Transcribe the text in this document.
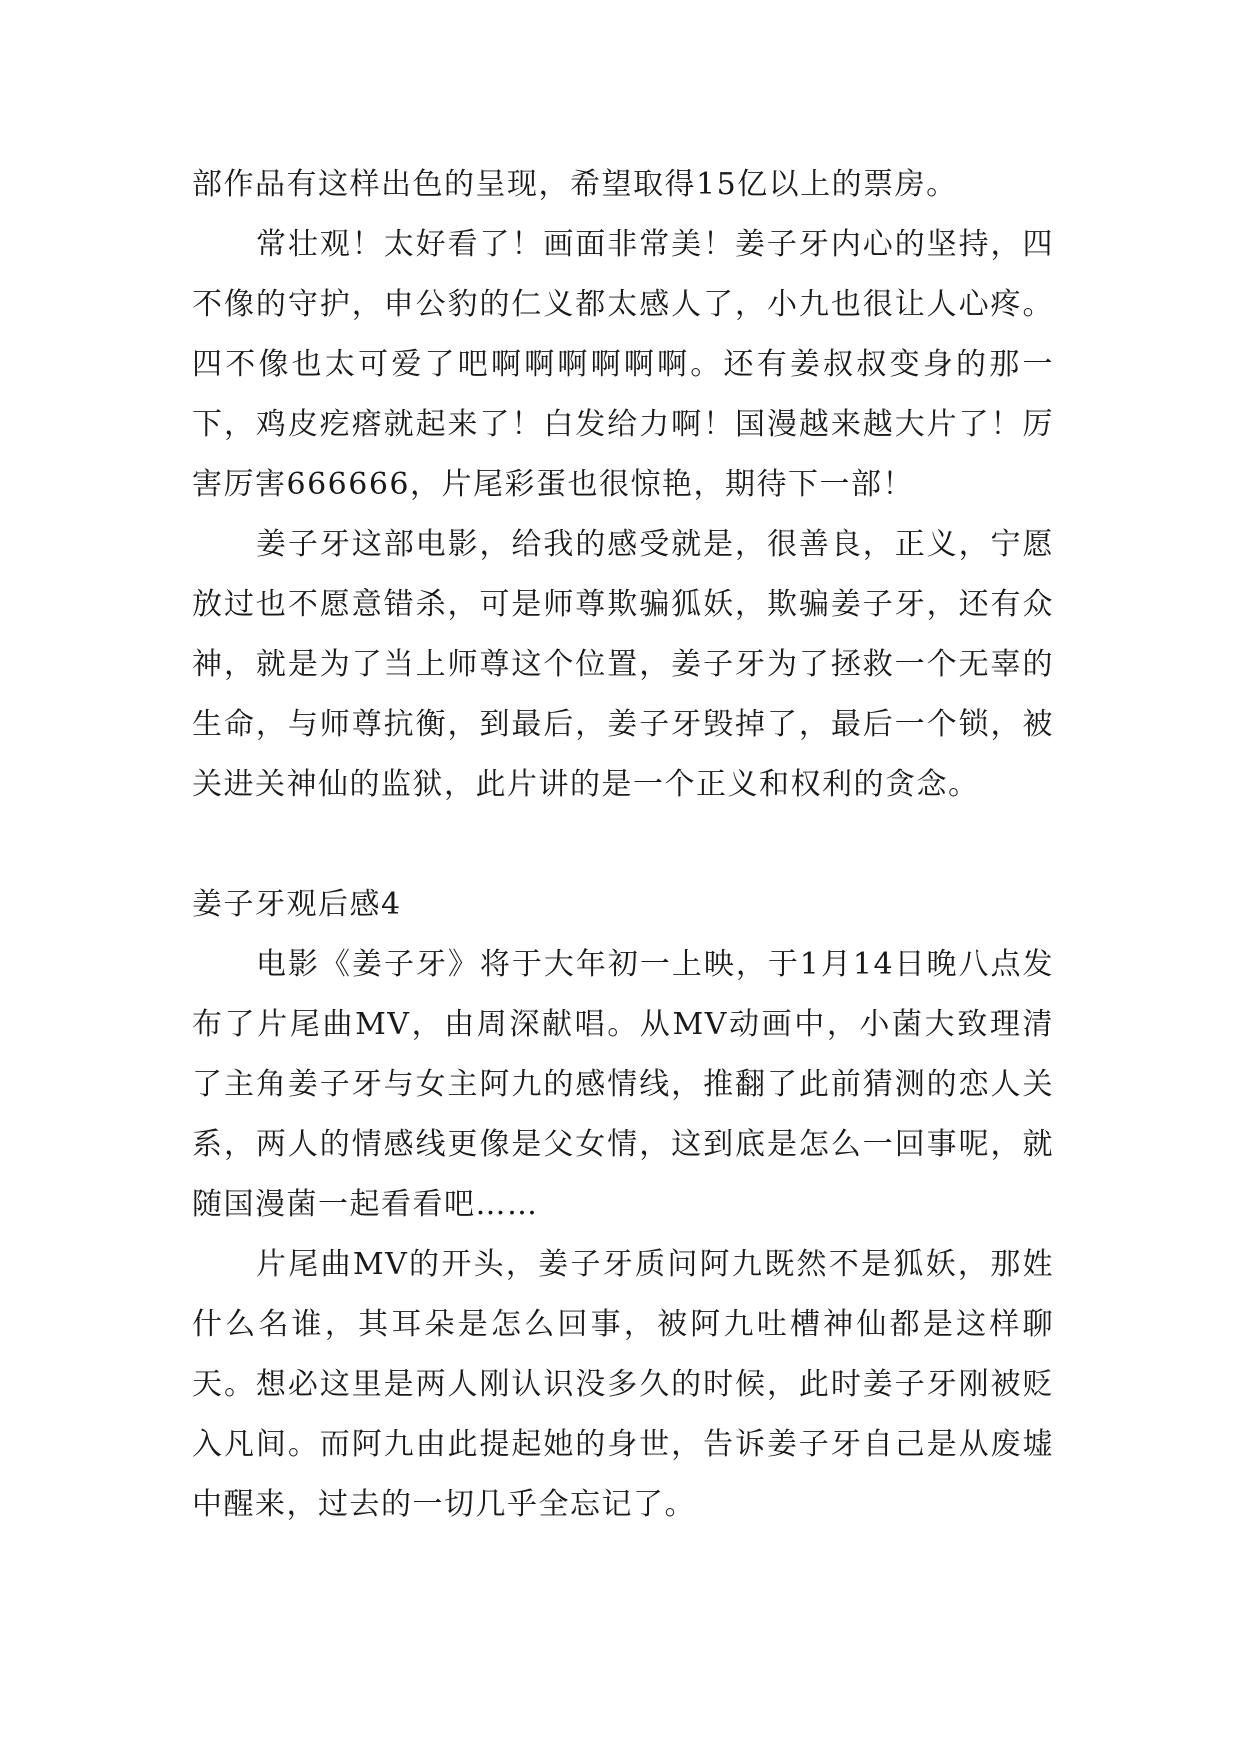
部作品有这样出色的呈现，希望取得15亿以上的票房。

常壮观！太好看了！画面非常美！姜子牙内心的坚持，四不像的守护，申公豹的仁义都太感人了，小九也很让人心疼。四不像也太可爱了吧啊啊啊啊啊啊。还有姜叔叔变身的那一下，鸡皮疙瘩就起来了！白发给力啊！国漫越来越大片了！厉害厉害666666，片尾彩蛋也很惊艳，期待下一部！

姜子牙这部电影，给我的感受就是，很善良，正义，宁愿放过也不愿意错杀，可是师尊欺骗狐妖，欺骗姜子牙，还有众神，就是为了当上师尊这个位置，姜子牙为了拯救一个无辜的生命，与师尊抗衡，到最后，姜子牙毁掉了，最后一个锁，被关进关神仙的监狱，此片讲的是一个正义和权利的贪念。

姜子牙观后感4

电影《姜子牙》将于大年初一上映，于1月14日晚八点发布了片尾曲MV，由周深献唱。从MV动画中，小菌大致理清了主角姜子牙与女主阿九的感情线，推翻了此前猜测的恋人关系，两人的情感线更像是父女情，这到底是怎么一回事呢，就随国漫菌一起看看吧……

片尾曲MV的开头，姜子牙质问阿九既然不是狐妖，那姓什么名谁，其耳朵是怎么回事，被阿九吐槽神仙都是这样聊天。想必这里是两人刚认识没多久的时候，此时姜子牙刚被贬入凡间。而阿九由此提起她的身世，告诉姜子牙自己是从废墟中醒来，过去的一切几乎全忘记了。
